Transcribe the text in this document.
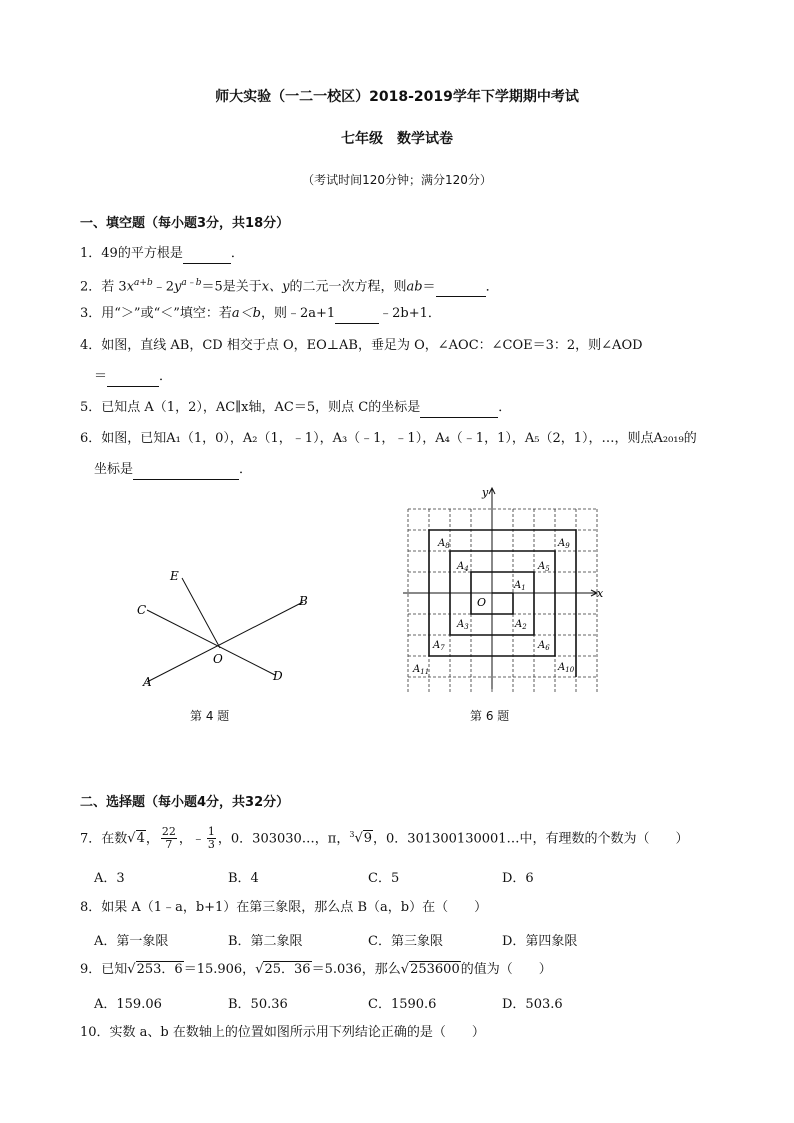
师大实验（一二一校区）2018-2019学年下学期期中考试
七年级　数学试卷
（考试时间120分钟；满分120分）
一、填空题（每小题3分，共18分）
1．49的平方根是	．
2．若 $3x^{a+b}﹣2y^{a﹣b}=5$是关于x、y的二元一次方程，则ab＝	．
3．用“＞”或“＜”填空：若a＜b，则﹣2a+1	﹣2b+1．
4．如图，直线 AB，CD 相交于点 O，EO⊥AB，垂足为 O，∠AOC：∠COE＝3：2，则∠AOD
＝	．
5．已知点 A（1，2），AC∥x轴，AC＝5，则点 C的坐标是	．
6．如图，已知A₁（1，0），A₂（1，﹣1），A₃（﹣1，﹣1），A₄（﹣1，1），A₅（2，1），…，则点A₂₀₁₉的
坐标是	．
E
C
B
O
A	D
第 4 题
x
y
O
$A_1$
$A_2$
$A_3$
$A_4$	$A_5$
$A_6$
$A_7$
$A_8$	$A_9$
$A_{10}$
$A_{11}$
第 6 题
二、选择题（每小题4分，共32分）
7．在数√4， $\frac{22}{7}$ ，﹣ $\frac{1}{3}$ ，0．303030…，π，$^3$√9，0．301300130001…中，有理数的个数为（　　）
A．3	B．4	C．5	D．6
8．如果 A（1﹣a，b+1）在第三象限，那么点 B（a，b）在（　　）
A．第一象限	B．第二象限	C．第三象限	D．第四象限
9．已知√253．6＝15.906，√25．36＝5.036，那么√253600的值为（　　）
A．159.06	B．50.36	C．1590.6	D．503.6
10．实数 a、b 在数轴上的位置如图所示用下列结论正确的是（　　）
